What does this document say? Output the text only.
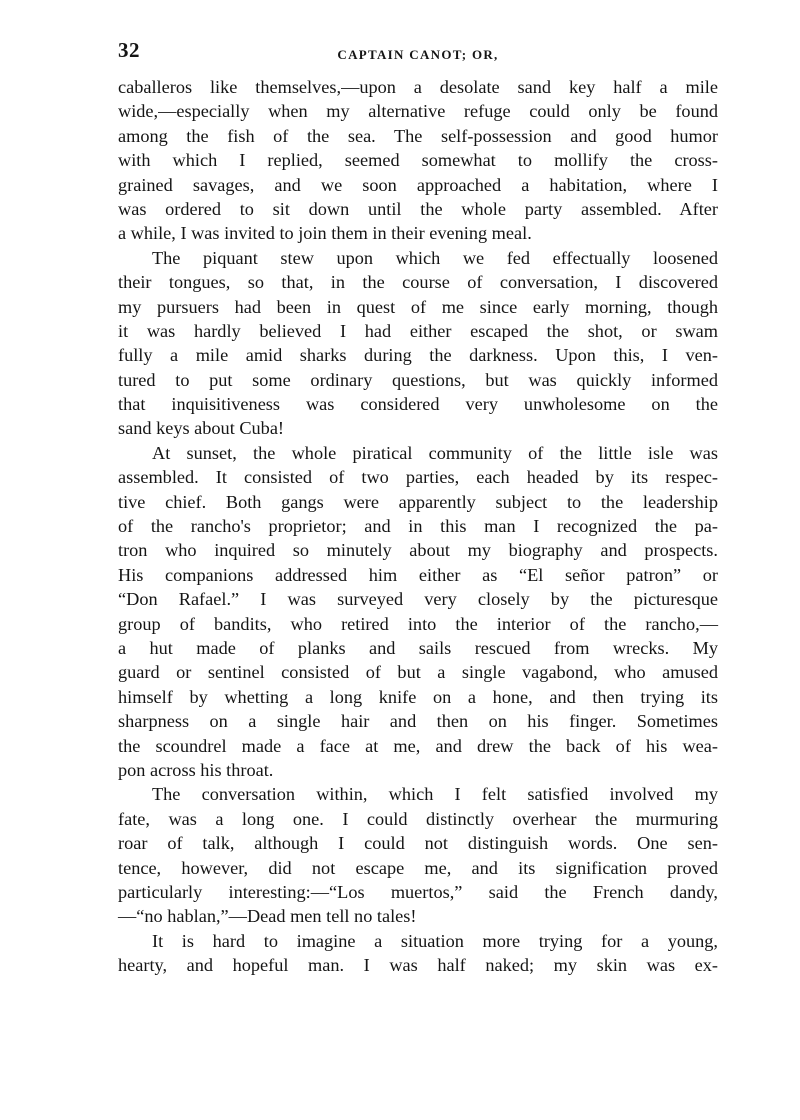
32	CAPTAIN CANOT; OR,
caballeros like themselves,—upon a desolate sand key half a mile
wide,—especially when my alternative refuge could only be found
among the fish of the sea. The self-possession and good humor
with which I replied, seemed somewhat to mollify the cross-
grained savages, and we soon approached a habitation, where I
was ordered to sit down until the whole party assembled. After
a while, I was invited to join them in their evening meal.
The piquant stew upon which we fed effectually loosened
their tongues, so that, in the course of conversation, I discovered
my pursuers had been in quest of me since early morning, though
it was hardly believed I had either escaped the shot, or swam
fully a mile amid sharks during the darkness. Upon this, I ven-
tured to put some ordinary questions, but was quickly informed
that inquisitiveness was considered very unwholesome on the
sand keys about Cuba!
At sunset, the whole piratical community of the little isle was
assembled. It consisted of two parties, each headed by its respec-
tive chief. Both gangs were apparently subject to the leadership
of the rancho's proprietor; and in this man I recognized the pa-
tron who inquired so minutely about my biography and prospects.
His companions addressed him either as “El señor patron” or
“Don Rafael.” I was surveyed very closely by the picturesque
group of bandits, who retired into the interior of the rancho,—
a hut made of planks and sails rescued from wrecks. My
guard or sentinel consisted of but a single vagabond, who amused
himself by whetting a long knife on a hone, and then trying its
sharpness on a single hair and then on his finger. Sometimes
the scoundrel made a face at me, and drew the back of his wea-
pon across his throat.
The conversation within, which I felt satisfied involved my
fate, was a long one. I could distinctly overhear the murmuring
roar of talk, although I could not distinguish words. One sen-
tence, however, did not escape me, and its signification proved
particularly interesting:—“Los muertos,” said the French dandy,
—“no hablan,”—Dead men tell no tales!
It is hard to imagine a situation more trying for a young,
hearty, and hopeful man. I was half naked; my skin was ex-
